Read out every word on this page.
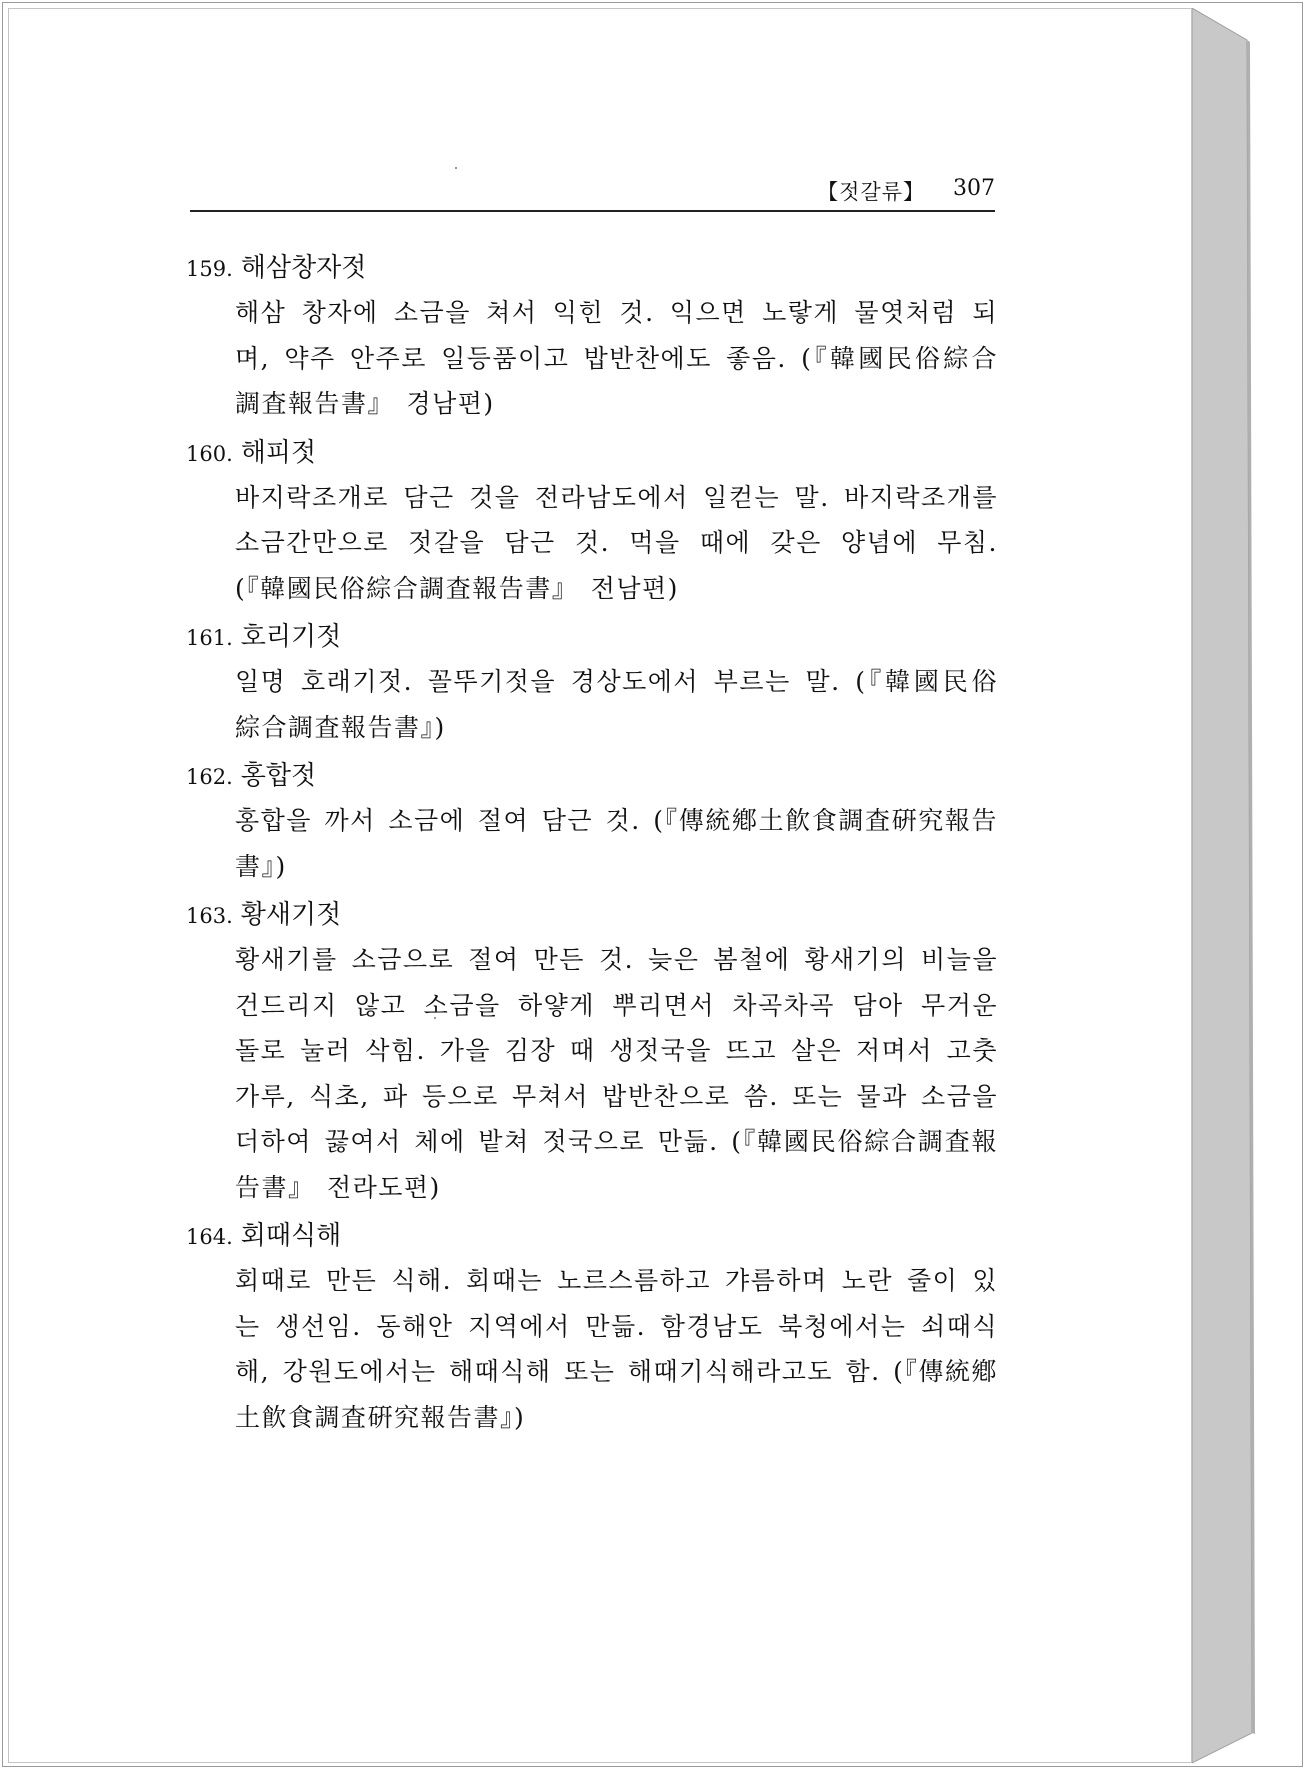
【젓갈류】 307
159. 해삼창자젓
해삼 창자에 소금을 쳐서 익힌 것. 익으면 노랗게 물엿처럼 되며, 약주 안주로 일등품이고 밥반찬에도 좋음. (『韓國民俗綜合調査報告書』 경남편)
160. 해피젓
바지락조개로 담근 것을 전라남도에서 일컫는 말. 바지락조개를 소금간만으로 젓갈을 담근 것. 먹을 때에 갖은 양념에 무침. (『韓國民俗綜合調査報告書』 전남편)
161. 호리기젓
일명 호래기젓. 꼴뚜기젓을 경상도에서 부르는 말. (『韓國民俗綜合調査報告書』)
162. 홍합젓
홍합을 까서 소금에 절여 담근 것. (『傳統鄕土飮食調査硏究報告書』)
163. 황새기젓
황새기를 소금으로 절여 만든 것. 늦은 봄철에 황새기의 비늘을 건드리지 않고 소금을 하얗게 뿌리면서 차곡차곡 담아 무거운 돌로 눌러 삭힘. 가을 김장 때 생젓국을 뜨고 살은 저며서 고춧가루, 식초, 파 등으로 무쳐서 밥반찬으로 씀. 또는 물과 소금을 더하여 끓여서 체에 밭쳐 젓국으로 만듦. (『韓國民俗綜合調査報告書』 전라도편)
164. 회때식해
회때로 만든 식해. 회때는 노르스름하고 갸름하며 노란 줄이 있는 생선임. 동해안 지역에서 만듦. 함경남도 북청에서는 쇠때식해, 강원도에서는 해때식해 또는 해때기식해라고도 함. (『傳統鄕土飮食調査硏究報告書』)
